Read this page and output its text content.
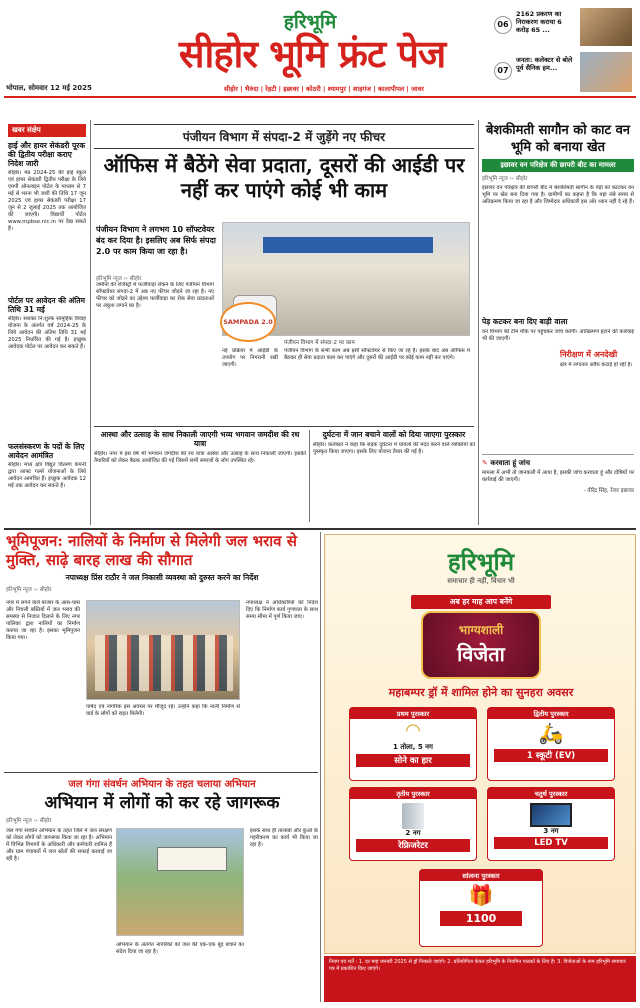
हरिभूमि
सीहोर भूमि फ्रंट पेज
भोपाल, सोमवार 12 मई 2025	सीहोर | भैरुंदा | रेहटी | इछावर | कोठरी | श्यामपुर | शाहगंज | कालापीपल | जावर
06
2162 प्रकरण का निराकरण कराया 6 करोड़ 65 ...
07
जनता: कलेक्टर से बोले पूर्व सैनिक हम...
खबर संक्षेप
हाई और हायर सेकंडरी पूरक की द्वितीय परीक्षा कराए निदेश जारी
सीहोर। मप्र 2024-25 की हाई स्कूल एवं हायर सेकंडरी द्वितीय परीक्षा के लिये एमपी ऑनलाइन पोर्टल के माध्यम से 7 मई से भरना भी जारी की तिथि 17 जून 2025 एवं हायर सेकंडरी परीक्षा 17 जून से 2 जुलाई 2025 तक आयोजित की जाएगी। विद्यार्थी पोर्टल www.mpbse.nic.in पर देख सकते हैं।
पोर्टल पर आवेदन की अंतिम तिथि 31 मई
सीहोर। सशक्त नि:शुल्क सामूहिक विवाह योजना के अंतर्गत वर्ष 2024-25 के लिये आवेदन की अंतिम तिथि 31 मई 2025 निर्धारित की गई है। इच्छुक आवेदक पोर्टल पर आवेदन कर सकते हैं।
फलसंस्करण के पदों के लिए आवेदन आमंत्रित
सीहोर। मध्य क्षेत्र विद्युत वितरण कंपनी द्वारा आफ्ट गर्ल्स योजनाओं के लिये आवेदन आमंत्रित हैं। इच्छुक आवेदक 12 मई तक आवेदन कर सकते हैं।
पंजीयन विभाग में संपदा-2 में जुड़ेंगे नए फीचर
ऑफिस में बैठेंगे सेवा प्रदाता, दूसरों की आईडी पर नहीं कर पाएंगे कोई भी काम
पंजीयन विभाग ने लगभग 10 सॉफ्टवेयर बंद कर दिया है। इसलिए अब सिर्फ संपदा 2.0 पर काम किया जा रहा है।
हरिभूमि न्यूज ›› सीहोर
जमीनों की रजिस्ट्री में फर्जीवाड़ा रोकने के लिए पंजीयन विभाग सॉफ्टवेयर संपदा-2 में अब नए फीचर जोड़ने जा रहा है। नए फीचर को जोड़ने का उद्देश्य फर्जीवाड़ा का रोक सेवा प्रदाताओं पर अंकुश लगाने का है।
SAMPADA 2.0
पंजीयन विभाग में संपदा-2 पर काम
पंजीयन विभाग के सभी काम अब इसी सॉफ्टवेयर से किए जा रहे हैं। इसके बाद अब ऑफिस में बैठकर ही सेवा प्रदाता काम कर पाएंगे और दूसरों की आईडी पर कोई काम नहीं कर पाएंगे।
नई प्रक्रिया में आईडी के उपयोग पर निगरानी रखी जाएगी।
बेशकीमती सागौन को काट वन भूमि को बनाया खेत
इछावर वन परिक्षेत्र की छापरी बीट का मामला
हरिभूमि न्यूज ›› सीहोर
इछावर वन परिक्षेत्र की छापरी बीट में बेशकीमती सागौन के पेड़ों को काटकर वन भूमि पर खेत बना दिया गया है। ग्रामीणों का कहना है कि यहां लंबे समय से अतिक्रमण किया जा रहा है और जिम्मेदार अधिकारी इस ओर ध्यान नहीं दे रहे हैं।
पेड़ कटकर बना दिए बाड़ी वाला
वन विभाग की टीम मौके पर पहुंचकर जांच करेगी। अतिक्रमण हटाने की कार्रवाई भी की जाएगी।
निरीक्षण में अनदेखी
क्षेत्र में लगातार अवैध कटाई हो रही है।
✎ करवाता हूं जांच
मामला में अभी तो जानकारी में आया है, इसकी जांच करवाता हूं और दोषियों पर कार्रवाई की जाएगी।
- वीरेंद्र सिंह, रेंजर इछावर
आस्था और उत्साह के साथ निकाली जाएगी भव्य भगवान जमदीश की रथ यात्रा
सीहोर। नगर में इस वर्ष भी भगवान जगदीश की रथ यात्रा आस्था और उत्साह के साथ निकाली जाएगी। इसकी तैयारियों को लेकर बैठक आयोजित की गई जिसमें सभी समाजों के लोग उपस्थित रहे।
दुर्घटना में जान बचाने वालों को दिया जाएगा पुरस्कार
सीहोर। कलेक्टर ने कहा कि सड़क दुर्घटना में घायलों की मदद करने वाले व्यक्तियों को पुरस्कृत किया जाएगा। इसके लिए योजना तैयार की गई है।
भूमिपूजन: नालियों के निर्माण से मिलेगी जल भराव से मुक्ति, साढ़े बारह लाख की सौगात
नपाध्यक्ष प्रिंस राठौर ने जल निकासी व्यवस्था को दुरुस्त करने का निर्देश
हरिभूमि न्यूज ›› सीहोर
नगर में लगने वाले बाजार के आस-पास और निचली बस्तियों में जल भराव की समस्या से निजात दिलाने के लिए नगर पालिका द्वारा नालियों का निर्माण कराया जा रहा है। इसका भूमिपूजन किया गया।
पार्षद एवं नागरिक इस अवसर पर मौजूद रहे। उन्होंने कहा कि नाली निर्माण से वार्ड के लोगों को राहत मिलेगी।
नपाध्यक्ष ने अधिकारियों को निर्देश दिए कि निर्माण कार्य गुणवत्ता के साथ समय सीमा में पूर्ण किया जाए।
जल गंगा संवर्धन अभियान के तहत चलाया अभियान
अभियान में लोगों को कर रहे जागरूक
हरिभूमि न्यूज ›› सीहोर
जल गंगा संवर्धन अभियान के तहत जिले में जल संरक्षण को लेकर लोगों को जागरूक किया जा रहा है। अभियान में विभिन्न विभागों के अधिकारी और कर्मचारी शामिल हैं और ग्राम पंचायतों में जल स्रोतों की सफाई करवाई जा रही है।
अभियान के अंतर्गत नागरिकों को जल की एक-एक बूंद बचाने का संदेश दिया जा रहा है।
इसके साथ ही तालाबों और कुओं के गहरीकरण का कार्य भी किया जा रहा है।
हरिभूमि
समाचार ही नहीं, विचार भी
अब हर माह आप बनेंगे
भाग्यशाली
विजेता
महाबम्पर ड्रॉ में शामिल होने का सुनहरा अवसर
प्रथम पुरस्कार
◠
1 तोला, 5 नग
सोने का हार
द्वितीय पुरस्कार
🛵
1 स्कूटी (EV)
तृतीय पुरस्कार
2 नग
रेफ्रिजरेटर
चतुर्थ पुरस्कार
3 नग
LED TV
सांत्वना पुरस्कार
🎁
1100
नियम एवं शर्तें : 1. दर माह जनवरी 2025 से ड्रॉ निकाले जाएंगे। 2. प्रतियोगिता केवल हरिभूमि के नियमित पाठकों के लिए है। 3. विजेताओं के नाम हरिभूमि समाचार पत्र में प्रकाशित किए जाएंगे।
